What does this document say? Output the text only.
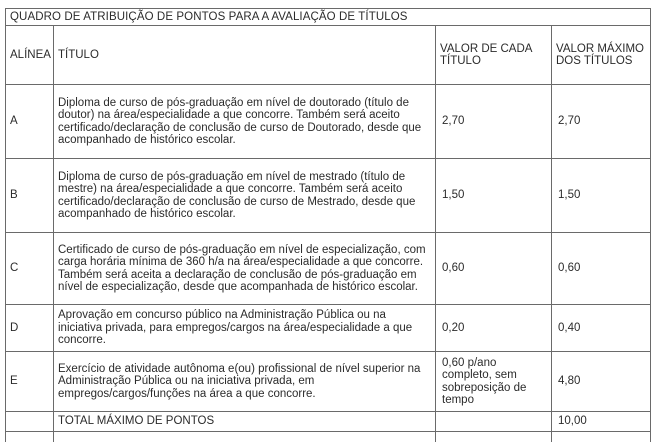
QUADRO DE ATRIBUIÇÃO DE PONTOS PARA A AVALIAÇÃO DE TÍTULOS			
ALÍNEA	TÍTULO	VALOR DE CADA TÍTULO	VALOR MÁXIMO DOS TÍTULOS
A	Diploma de curso de pós-graduação em nível de doutorado (título de doutor) na área/especialidade a que concorre. Também será aceito certificado/declaração de conclusão de curso de Doutorado, desde que acompanhado de histórico escolar.	2,70	2,70
B	Diploma de curso de pós-graduação em nível de mestrado (título de mestre) na área/especialidade a que concorre. Também será aceito certificado/declaração de conclusão de curso de Mestrado, desde que acompanhado de histórico escolar.	1,50	1,50
C	Certificado de curso de pós-graduação em nível de especialização, com carga horária mínima de 360 h/a na área/especialidade a que concorre. Também será aceita a declaração de conclusão de pós-graduação em nível de especialização, desde que acompanhada de histórico escolar.	0,60	0,60
D	Aprovação em concurso público na Administração Pública ou na iniciativa privada, para empregos/cargos na área/especialidade a que concorre.	0,20	0,40
E	Exercício de atividade autônoma e(ou) profissional de nível superior na Administração Pública ou na iniciativa privada, em empregos/cargos/funções na área a que concorre.	0,60 p/ano completo, sem sobreposição de tempo	4,80
	TOTAL MÁXIMO DE PONTOS		10,00
